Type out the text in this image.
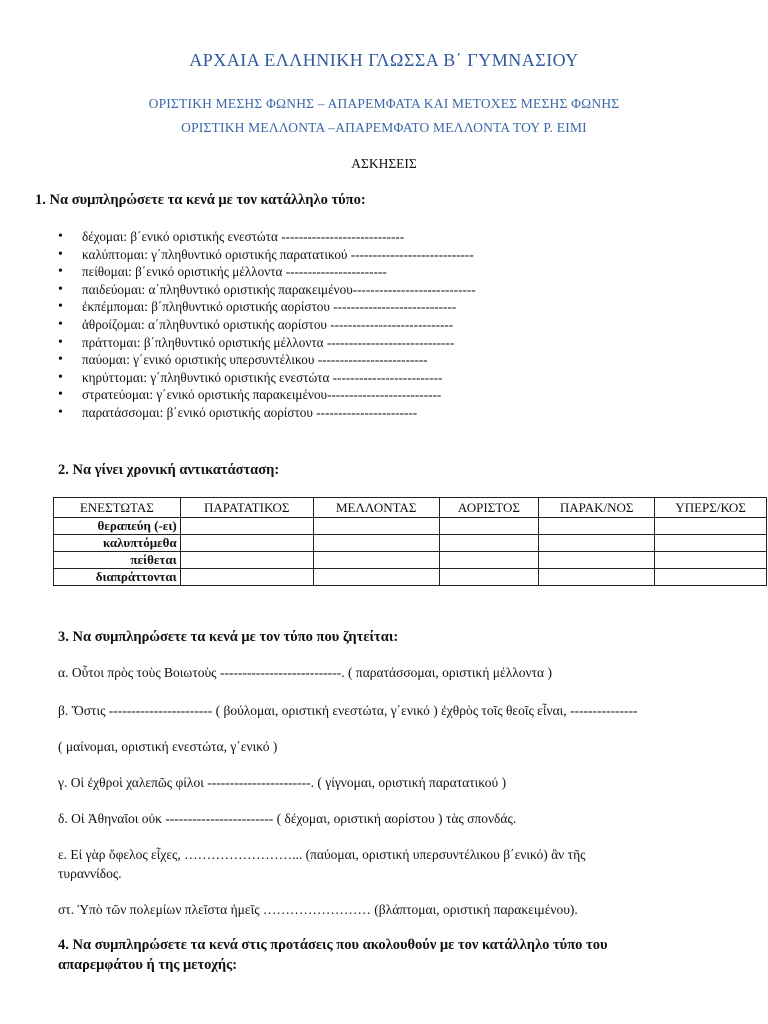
ΑΡΧΑΙΑ ΕΛΛΗΝΙΚΗ ΓΛΩΣΣΑ Β΄ ΓΥΜΝΑΣΙΟΥ
ΟΡΙΣΤΙΚΗ ΜΕΣΗΣ ΦΩΝΗΣ – ΑΠΑΡΕΜΦΑΤΑ ΚΑΙ ΜΕΤΟΧΕΣ ΜΕΣΗΣ ΦΩΝΗΣ
ΟΡΙΣΤΙΚΗ ΜΕΛΛΟΝΤΑ –ΑΠΑΡΕΜΦΑΤΟ ΜΕΛΛΟΝΤΑ ΤΟΥ Ρ. ΕΙΜΙ
ΑΣΚΗΣΕΙΣ
1. Να συμπληρώσετε τα κενά με τον κατάλληλο τύπο:
• δέχομαι: β΄ενικό οριστικής ενεστώτα ----------------------------
• καλύπτομαι: γ΄πληθυντικό οριστικής παρατατικού ----------------------------
• πείθομαι: β΄ενικό οριστικής μέλλοντα -----------------------
• παιδεύομαι: α΄πληθυντικό οριστικής παρακειμένου----------------------------
• ἐκπέμπομαι: β΄πληθυντικό οριστικής αορίστου ----------------------------
• ἀθροίζομαι: α΄πληθυντικό οριστικής αορίστου ----------------------------
• πράττομαι: β΄πληθυντικό οριστικής μέλλοντα -----------------------------
• παύομαι: γ΄ενικό οριστικής υπερσυντέλικου -------------------------
• κηρύττομαι: γ΄πληθυντικό οριστικής ενεστώτα -------------------------
• στρατεύομαι: γ΄ενικό οριστικής παρακειμένου--------------------------
• παρατάσσομαι: β΄ενικό οριστικής αορίστου -----------------------
2. Να γίνει χρονική αντικατάσταση:
ΕΝΕΣΤΩΤΑΣ	ΠΑΡΑΤΑΤΙΚΟΣ	ΜΕΛΛΟΝΤΑΣ	ΑΟΡΙΣΤΟΣ	ΠΑΡΑΚ/ΝΟΣ	ΥΠΕΡΣ/ΚΟΣ
θεραπεύη (-ει)					
καλυπτόμεθα					
πείθεται					
διαπράττονται					
3. Να συμπληρώσετε τα κενά με τον τύπο που ζητείται:
α. Οὗτοι πρὸς τοὺς Βοιωτοὺς ---------------------------. ( παρατάσσομαι, οριστική μέλλοντα )
β. Ὅστις ----------------------- ( βούλομαι, οριστική ενεστώτα, γ΄ενικό ) ἐχθρὸς τοῖς θεοῖς εἶναι, ---------------
( μαίνομαι, οριστική ενεστώτα, γ΄ενικό )
γ. Οἱ ἐχθροὶ χαλεπῶς φίλοι -----------------------. ( γίγνομαι, οριστική παρατατικού )
δ. Οἱ Ἀθηναῖοι οὐκ ------------------------ ( δέχομαι, οριστική αορίστου ) τὰς σπονδάς.
ε. Εἰ γὰρ ὄφελος εἶχες, ……………………... (παύομαι, οριστική υπερσυντέλικου β΄ενικό) ἂν τῆς
τυραννίδος.
στ. Ὑπὸ τῶν πολεμίων πλεῖστα ἡμεῖς …………………… (βλάπτομαι, οριστική παρακειμένου).
4. Να συμπληρώσετε τα κενά στις προτάσεις που ακολουθούν με τον κατάλληλο τύπο του
απαρεμφάτου ή της μετοχής:
